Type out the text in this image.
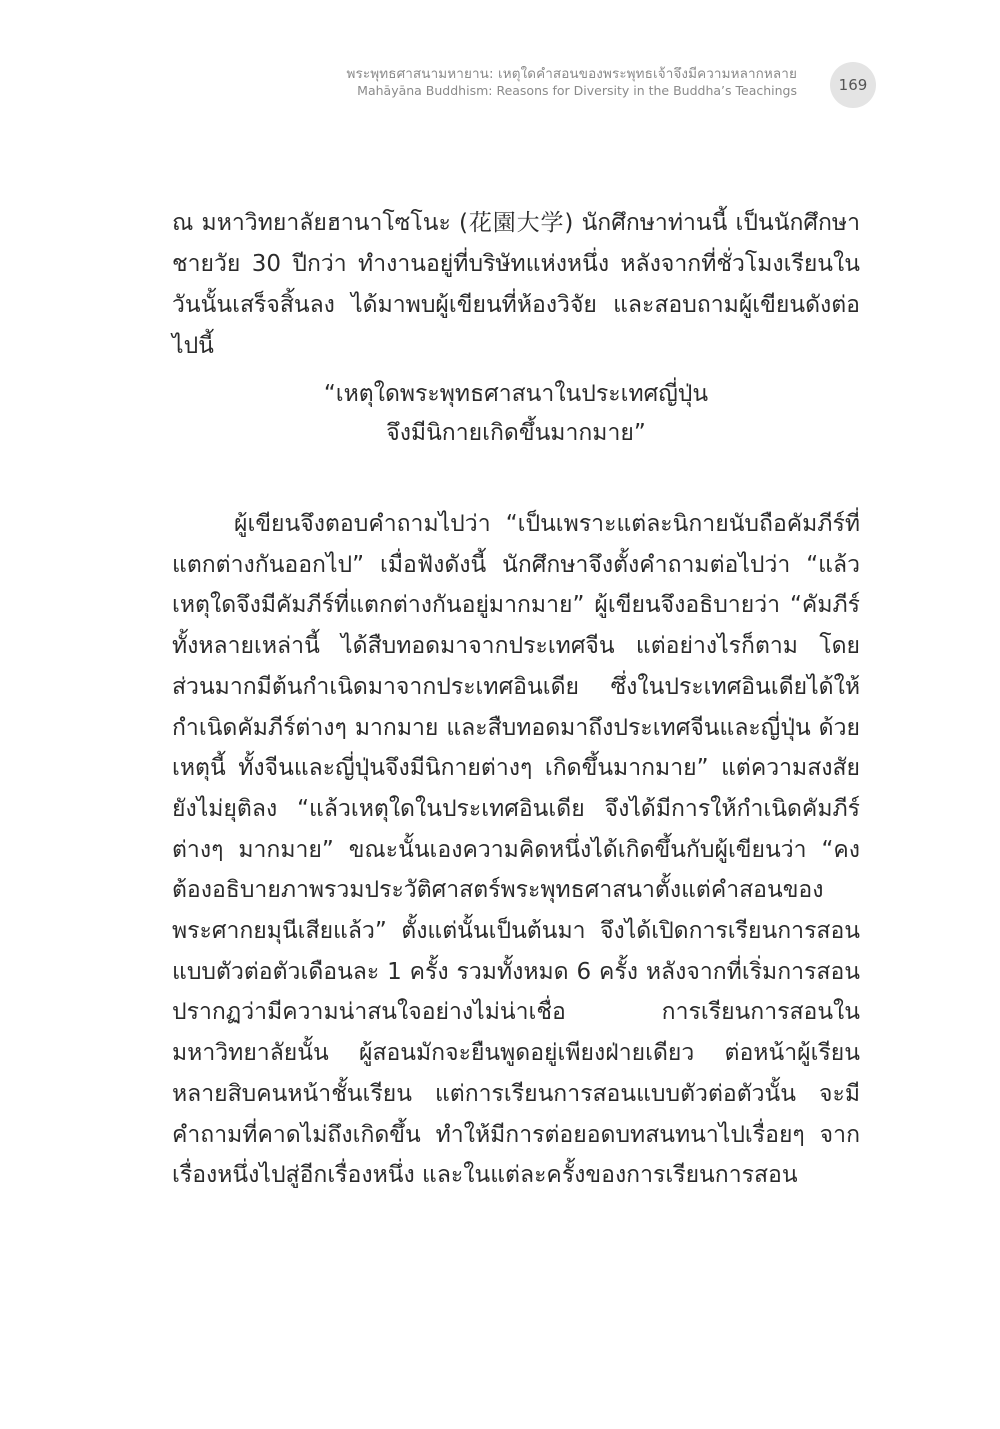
พระพุทธศาสนามหายาน: เหตุใดคำสอนของพระพุทธเจ้าจึงมีความหลากหลาย
Mahāyāna Buddhism: Reasons for Diversity in the Buddha’s Teachings	169

ณ มหาวิทยาลัยฮานาโซโนะ (花園大学) นักศึกษาท่านนี้ เป็นนักศึกษาชายวัย 30 ปีกว่า ทำงานอยู่ที่บริษัทแห่งหนึ่ง หลังจากที่ชั่วโมงเรียนในวันนั้นเสร็จสิ้นลง ได้มาพบผู้เขียนที่ห้องวิจัย และสอบถามผู้เขียนดังต่อไปนี้

“เหตุใดพระพุทธศาสนาในประเทศญี่ปุ่น
จึงมีนิกายเกิดขึ้นมากมาย”

ผู้เขียนจึงตอบคำถามไปว่า “เป็นเพราะแต่ละนิกายนับถือคัมภีร์ที่แตกต่างกันออกไป” เมื่อฟังดังนี้ นักศึกษาจึงตั้งคำถามต่อไปว่า “แล้วเหตุใดจึงมีคัมภีร์ที่แตกต่างกันอยู่มากมาย” ผู้เขียนจึงอธิบายว่า “คัมภีร์ทั้งหลายเหล่านี้ ได้สืบทอดมาจากประเทศจีน แต่อย่างไรก็ตาม โดยส่วนมากมีต้นกำเนิดมาจากประเทศอินเดีย ซึ่งในประเทศอินเดียได้ให้กำเนิดคัมภีร์ต่างๆ มากมาย และสืบทอดมาถึงประเทศจีนและญี่ปุ่น ด้วยเหตุนี้ ทั้งจีนและญี่ปุ่นจึงมีนิกายต่างๆ เกิดขึ้นมากมาย” แต่ความสงสัยยังไม่ยุติลง “แล้วเหตุใดในประเทศอินเดีย จึงได้มีการให้กำเนิดคัมภีร์ต่างๆ มากมาย” ขณะนั้นเองความคิดหนึ่งได้เกิดขึ้นกับผู้เขียนว่า “คงต้องอธิบายภาพรวมประวัติศาสตร์พระพุทธศาสนาตั้งแต่คำสอนของพระศากยมุนีเสียแล้ว” ตั้งแต่นั้นเป็นต้นมา จึงได้เปิดการเรียนการสอนแบบตัวต่อตัวเดือนละ 1 ครั้ง รวมทั้งหมด 6 ครั้ง หลังจากที่เริ่มการสอน ปรากฏว่ามีความน่าสนใจอย่างไม่น่าเชื่อ การเรียนการสอนในมหาวิทยาลัยนั้น ผู้สอนมักจะยืนพูดอยู่เพียงฝ่ายเดียว ต่อหน้าผู้เรียนหลายสิบคนหน้าชั้นเรียน แต่การเรียนการสอนแบบตัวต่อตัวนั้น จะมีคำถามที่คาดไม่ถึงเกิดขึ้น ทำให้มีการต่อยอดบทสนทนาไปเรื่อยๆ จากเรื่องหนึ่งไปสู่อีกเรื่องหนึ่ง และในแต่ละครั้งของการเรียนการสอน
